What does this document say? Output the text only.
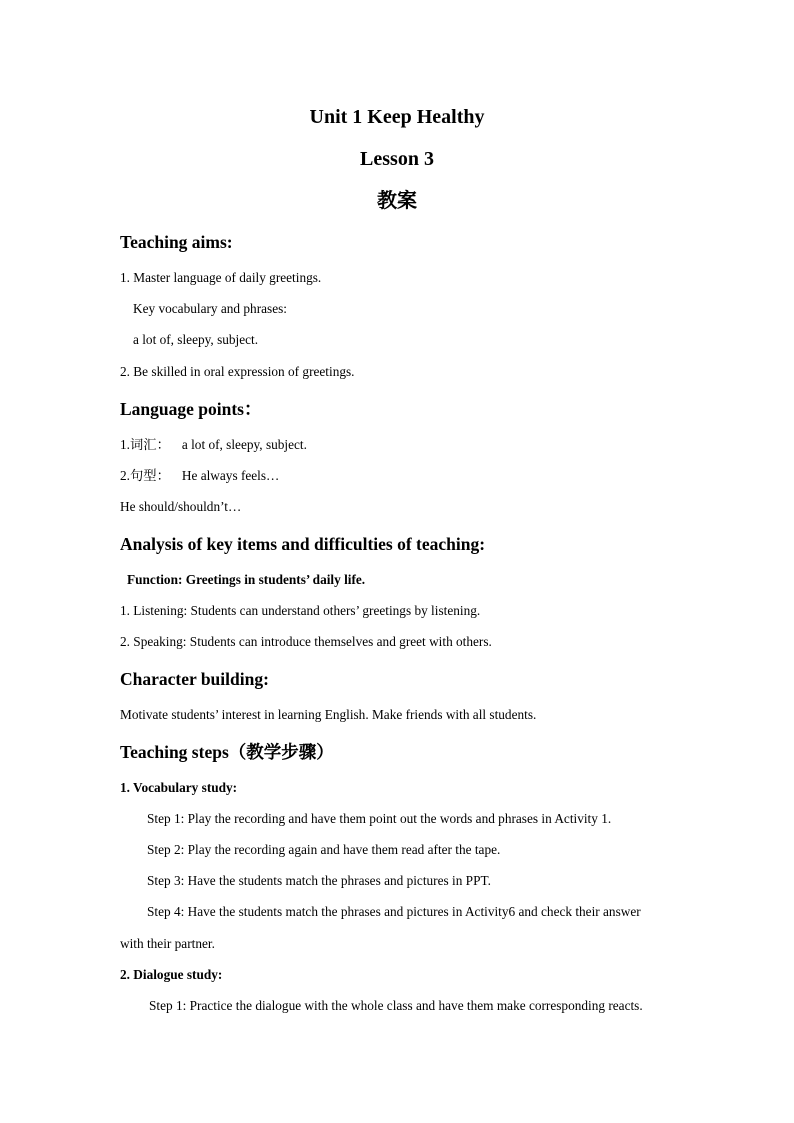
Unit 1 Keep Healthy
Lesson 3
教案
Teaching aims:
1. Master language of daily greetings.
Key vocabulary and phrases:
a lot of, sleepy, subject.
2. Be skilled in oral expression of greetings.
Language points：
1.词汇： a lot of, sleepy, subject.
2.句型： He always feels…
He should/shouldn’t…
Analysis of key items and difficulties of teaching:
Function: Greetings in students’ daily life.
1. Listening: Students can understand others’ greetings by listening.
2. Speaking: Students can introduce themselves and greet with others.
Character building:
Motivate students’ interest in learning English. Make friends with all students.
Teaching steps（教学步骤）
1. Vocabulary study:
Step 1: Play the recording and have them point out the words and phrases in Activity 1.
Step 2: Play the recording again and have them read after the tape.
Step 3: Have the students match the phrases and pictures in PPT.
Step 4: Have the students match the phrases and pictures in Activity6 and check their answer
with their partner.
2. Dialogue study:
Step 1: Practice the dialogue with the whole class and have them make corresponding reacts.
